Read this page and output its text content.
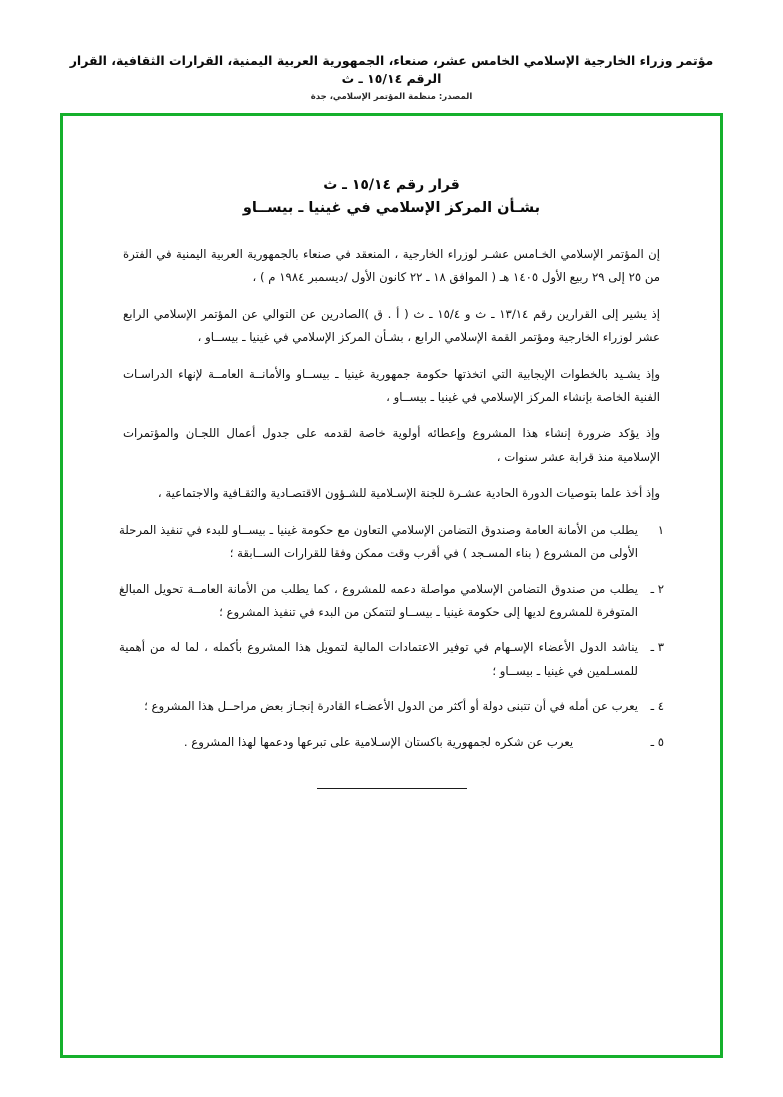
مؤتمر وزراء الخارجية الإسلامي الخامس عشر، صنعاء، الجمهورية العربية اليمنية، القرارات الثقافية، القرار الرقم ١٥/١٤ ـ ث
المصدر: منظمة المؤتمر الإسلامي، جدة
قرار رقم ١٥/١٤ ـ ث
بشـأن المركز الإسلامي في غينيا ـ بيســاو

إن المؤتمر الإسلامي الخـامس عشـر لوزراء الخارجية ، المنعقد في صنعاء بالجمهورية العربية اليمنية في الفترة من ٢٥ إلى ٢٩ ربيع الأول ١٤٠٥ هـ ( الموافق ١٨ ـ ٢٢ كانون الأول /ديسمبر ١٩٨٤ م ) ،

إذ يشير إلى القرارين رقم ١٣/١٤ ـ ث و ١٥/٤ ـ ث ( أ . ق )الصادرين عن التوالي عن المؤتمر الإسلامي الرابع عشر لوزراء الخارجية ومؤتمر القمة الإسلامي الرابع ، بشـأن المركز الإسلامي في غينيا ـ بيســاو ،

وإذ يشـيد بالخطوات الإيجابية التي اتخذتها حكومة جمهورية غينيا ـ بيســاو والأمانــة العامــة لإنهاء الدراسـات الفنية الخاصة بإنشاء المركز الإسلامي في غينيا ـ بيســاو ،

وإذ يؤكد ضرورة إنشاء هذا المشروع وإعطائه أولوية خاصة لقدمه على جدول أعمال اللجـان والمؤتمرات الإسلامية منذ قرابة عشر سنوات ،

وإذ أخذ علما بتوصيات الدورة الحادية عشـرة للجنة الإسـلامية للشـؤون الاقتصـادية والثقـافية والاجتماعية ،

١
يطلب من الأمانة العامة وصندوق التضامن الإسلامي التعاون مع حكومة غينيا ـ بيســاو للبدء في تنفيذ المرحلة الأولى من المشروع ( بناء المسـجد ) في أقرب وقت ممكن وفقا للقرارات الســابقة ؛
٢ ـ
يطلب من صندوق التضامن الإسلامي مواصلة دعمه للمشروع ، كما يطلب من الأمانة العامــة تحويل المبالغ المتوفرة للمشروع لديها إلى حكومة غينيا ـ بيســاو لتتمكن من البدء في تنفيذ المشروع ؛
٣ ـ
يناشد الدول الأعضاء الإسـهام في توفير الاعتمادات المالية لتمويل هذا المشروع بأكمله ، لما له من أهمية للمسـلمين في غينيا ـ بيســاو ؛
٤ ـ
يعرب عن أمله في أن تتبنى دولة أو أكثر من الدول الأعضـاء القادرة إنجـاز بعض مراحــل هذا المشروع ؛
٥ ـ
يعرب عن شكره لجمهورية باكستان الإسـلامية على تبرعها ودعمها لهذا المشروع .
